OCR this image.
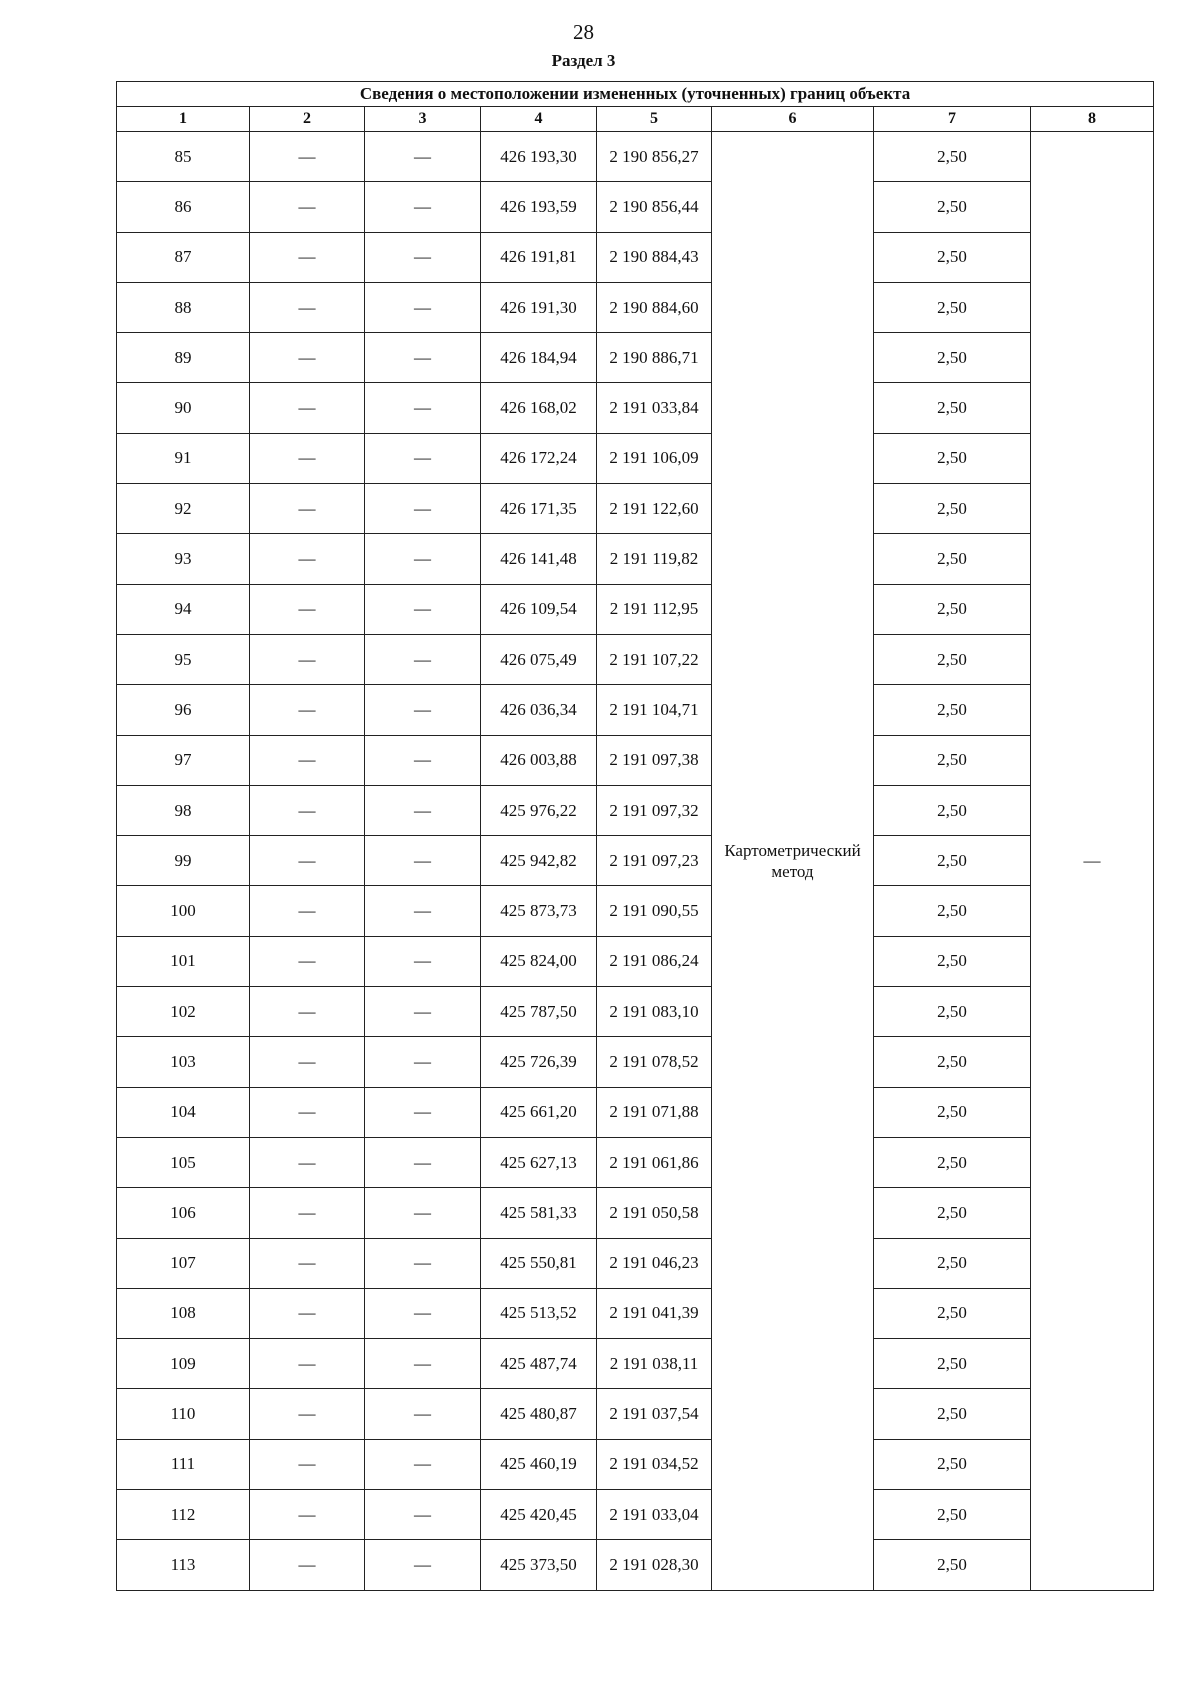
28
Раздел 3
Сведения о местоположении измененных (уточненных) границ объекта							
1	2	3	4	5	6	7	8
85	—	—	426 193,30	2 190 856,27	Картометрический метод	2,50	—
86	—	—	426 193,59	2 190 856,44		2,50	
87	—	—	426 191,81	2 190 884,43		2,50	
88	—	—	426 191,30	2 190 884,60		2,50	
89	—	—	426 184,94	2 190 886,71		2,50	
90	—	—	426 168,02	2 191 033,84		2,50	
91	—	—	426 172,24	2 191 106,09		2,50	
92	—	—	426 171,35	2 191 122,60		2,50	
93	—	—	426 141,48	2 191 119,82		2,50	
94	—	—	426 109,54	2 191 112,95		2,50	
95	—	—	426 075,49	2 191 107,22		2,50	
96	—	—	426 036,34	2 191 104,71		2,50	
97	—	—	426 003,88	2 191 097,38		2,50	
98	—	—	425 976,22	2 191 097,32		2,50	
99	—	—	425 942,82	2 191 097,23		2,50	
100	—	—	425 873,73	2 191 090,55		2,50	
101	—	—	425 824,00	2 191 086,24		2,50	
102	—	—	425 787,50	2 191 083,10		2,50	
103	—	—	425 726,39	2 191 078,52		2,50	
104	—	—	425 661,20	2 191 071,88		2,50	
105	—	—	425 627,13	2 191 061,86		2,50	
106	—	—	425 581,33	2 191 050,58		2,50	
107	—	—	425 550,81	2 191 046,23		2,50	
108	—	—	425 513,52	2 191 041,39		2,50	
109	—	—	425 487,74	2 191 038,11		2,50	
110	—	—	425 480,87	2 191 037,54		2,50	
111	—	—	425 460,19	2 191 034,52		2,50	
112	—	—	425 420,45	2 191 033,04		2,50	
113	—	—	425 373,50	2 191 028,30		2,50	
